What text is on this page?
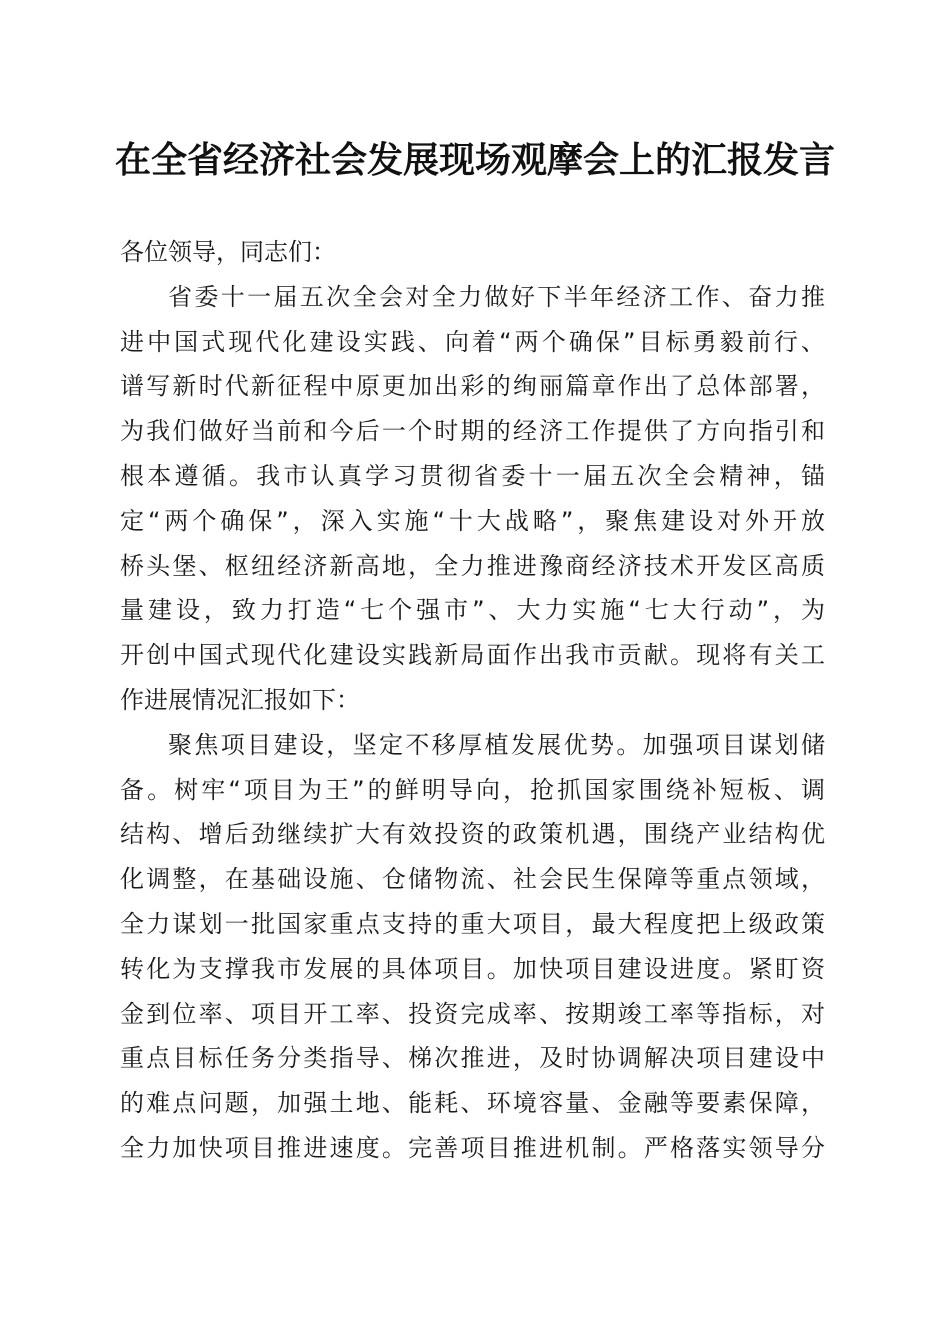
在全省经济社会发展现场观摩会上的汇报发言
各位领导，同志们：
省委十一届五次全会对全力做好下半年经济工作、奋力推
进中国式现代化建设实践、向着“两个确保”目标勇毅前行、
谱写新时代新征程中原更加出彩的绚丽篇章作出了总体部署，
为我们做好当前和今后一个时期的经济工作提供了方向指引和
根本遵循。我市认真学习贯彻省委十一届五次全会精神，锚
定“两个确保”，深入实施“十大战略”，聚焦建设对外开放
桥头堡、枢纽经济新高地，全力推进豫商经济技术开发区高质
量建设，致力打造“七个强市”、大力实施“七大行动”，为
开创中国式现代化建设实践新局面作出我市贡献。现将有关工
作进展情况汇报如下：
聚焦项目建设，坚定不移厚植发展优势。加强项目谋划储
备。树牢“项目为王”的鲜明导向，抢抓国家围绕补短板、调
结构、增后劲继续扩大有效投资的政策机遇，围绕产业结构优
化调整，在基础设施、仓储物流、社会民生保障等重点领域，
全力谋划一批国家重点支持的重大项目，最大程度把上级政策
转化为支撑我市发展的具体项目。加快项目建设进度。紧盯资
金到位率、项目开工率、投资完成率、按期竣工率等指标，对
重点目标任务分类指导、梯次推进，及时协调解决项目建设中
的难点问题，加强土地、能耗、环境容量、金融等要素保障，
全力加快项目推进速度。完善项目推进机制。严格落实领导分
